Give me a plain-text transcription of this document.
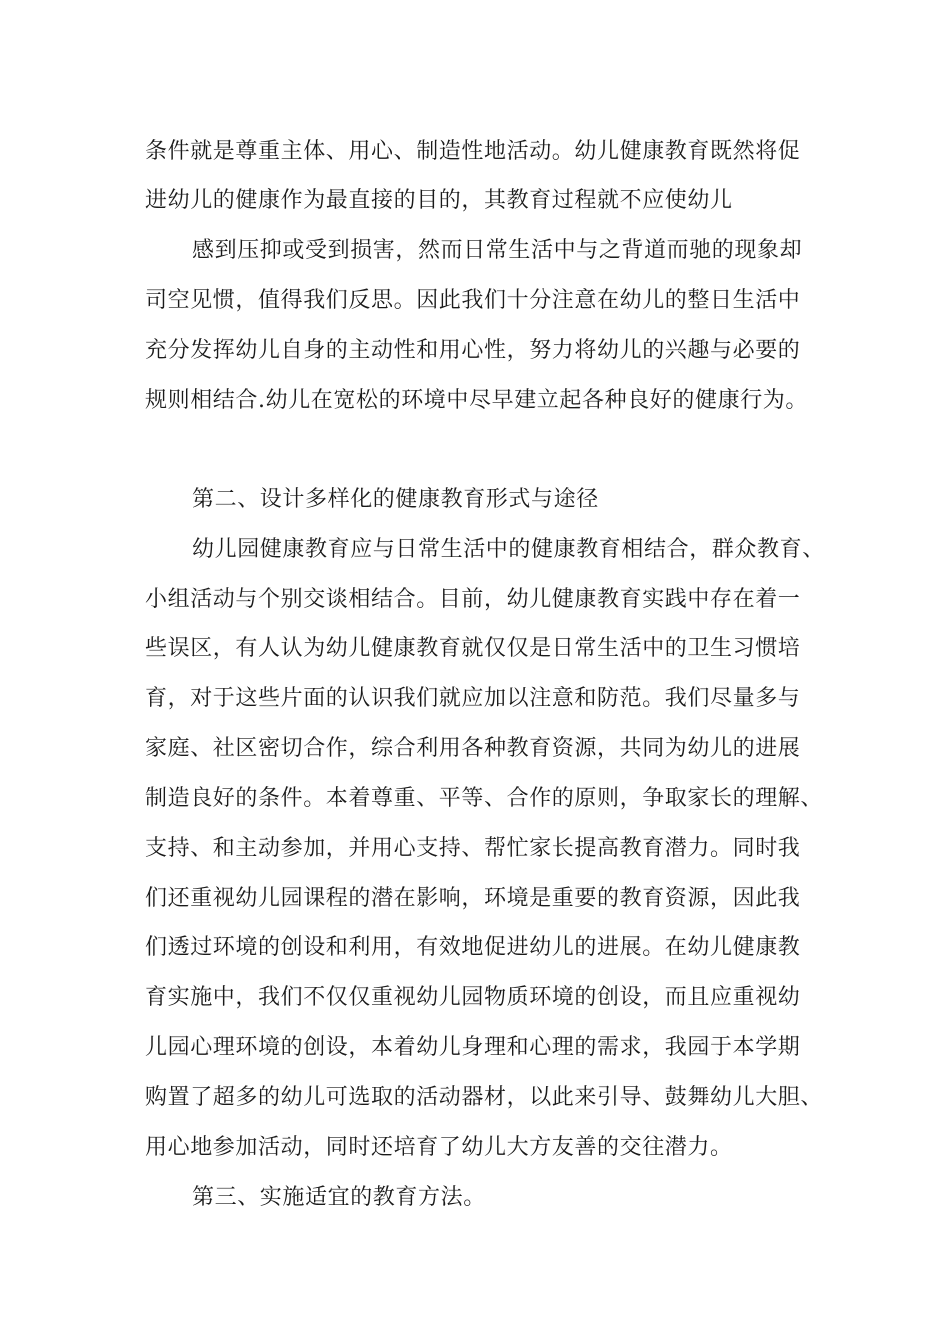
条件就是尊重主体、用心、制造性地活动。幼儿健康教育既然将促
进幼儿的健康作为最直接的目的，其教育过程就不应使幼儿
感到压抑或受到损害，然而日常生活中与之背道而驰的现象却
司空见惯，值得我们反思。因此我们十分注意在幼儿的整日生活中
充分发挥幼儿自身的主动性和用心性，努力将幼儿的兴趣与必要的
规则相结合.幼儿在宽松的环境中尽早建立起各种良好的健康行为。
第二、设计多样化的健康教育形式与途径
幼儿园健康教育应与日常生活中的健康教育相结合，群众教育、
小组活动与个别交谈相结合。目前，幼儿健康教育实践中存在着一
些误区，有人认为幼儿健康教育就仅仅是日常生活中的卫生习惯培
育，对于这些片面的认识我们就应加以注意和防范。我们尽量多与
家庭、社区密切合作，综合利用各种教育资源，共同为幼儿的进展
制造良好的条件。本着尊重、平等、合作的原则，争取家长的理解、
支持、和主动参加，并用心支持、帮忙家长提高教育潜力。同时我
们还重视幼儿园课程的潜在影响，环境是重要的教育资源，因此我
们透过环境的创设和利用，有效地促进幼儿的进展。在幼儿健康教
育实施中，我们不仅仅重视幼儿园物质环境的创设，而且应重视幼
儿园心理环境的创设，本着幼儿身理和心理的需求，我园于本学期
购置了超多的幼儿可选取的活动器材，以此来引导、鼓舞幼儿大胆、
用心地参加活动，同时还培育了幼儿大方友善的交往潜力。
第三、实施适宜的教育方法。
